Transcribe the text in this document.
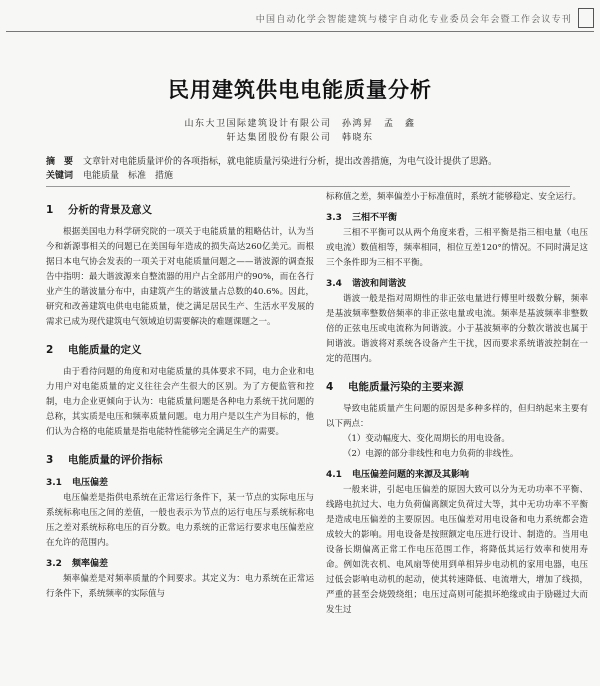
中国自动化学会智能建筑与楼宇自动化专业委员会年会暨工作会议专刊
民用建筑供电电能质量分析
山东大卫国际建筑设计有限公司　孙鸿昇　孟　鑫
轩达集团股份有限公司　韩晓东
摘　要 文章针对电能质量评价的各项指标，就电能质量污染进行分析，提出改善措施，为电气设计提供了思路。
关键词 电能质量　标准　措施
1 分析的背景及意义

根据美国电力科学研究院的一项关于电能质量的粗略估计，认为当今和新源事相关的问题已在美国每年造成的损失高达260亿美元。而根据日本电气协会发表的一项关于对电能质量问题之——谐波源的调查报告中指明：最大谐波源来自整流器的用户占全部用户的90%，而在各行业产生的谐波量分布中，由建筑产生的谐波量占总数的40.6%。因此，研究和改善建筑电供电电能质量，使之满足居民生产、生活水平发展的需求已成为现代建筑电气领域迫切需要解决的难题课题之一。

2 电能质量的定义

由于看待问题的角度和对电能质量的具体要求不同，电力企业和电力用户对电能质量的定义往往会产生很大的区别。为了方便监管和控制，电力企业更倾向于认为：电能质量问题是各种电力系统干扰问题的总称，其实质是电压和频率质量问题。电力用户是以生产为目标的，他们认为合格的电能质量是指电能特性能够完全满足生产的需要。

3 电能质量的评价指标
3.1 电压偏差

电压偏差是指供电系统在正常运行条件下，某一节点的实际电压与系统标称电压之间的差值，一般也表示为节点的运行电压与系统标称电压之差对系统标称电压的百分数。电力系统的正常运行要求电压偏差应在允许的范围内。

3.2 频率偏差

频率偏差是对频率质量的个间要求。其定义为：电力系统在正常运行条件下，系统频率的实际值与

标称值之差，频率偏差小于标准值时，系统才能够稳定、安全运行。

3.3 三相不平衡

三相不平衡可以从两个角度来看，三相平衡是指三相电量（电压或电流）数值相等，频率相同，相位互差120°的情况。不同时满足这三个条件即为三相不平衡。

3.4 谐波和间谐波

谐波一般是指对周期性的非正弦电量进行傅里叶级数分解，频率是基波频率整数倍频率的非正弦电量或电流。频率是基波频率非整数倍的正弦电压或电流称为间谐波。小于基波频率的分数次谐波也属于间谐波。谐波将对系统各设备产生干扰，因而要求系统谐波控制在一定的范围内。

4 电能质量污染的主要来源

导致电能质量产生问题的原因是多种多样的，但归纳起来主要有以下两点：

（1）变动幅度大、变化周期长的用电设备。

（2）电源的部分非线性和电力负荷的非线性。

4.1 电压偏差问题的来源及其影响

一般来讲，引起电压偏差的原因大致可以分为无功功率不平衡、线路电抗过大、电力负荷偏离额定负荷过大等，其中无功功率不平衡是造成电压偏差的主要原因。电压偏差对用电设备和电力系统都会造成较大的影响。用电设备是按照额定电压进行设计、制造的。当用电设备长期偏离正常工作电压范围工作，将降低其运行效率和使用寿命。例如洗衣机、电风扇等使用到单相异步电动机的家用电器，电压过低会影响电动机的起动，使其转速降低、电流增大，增加了线损，严重的甚至会烧毁绕组；电压过高则可能损坏绝缘或由于励磁过大而发生过
